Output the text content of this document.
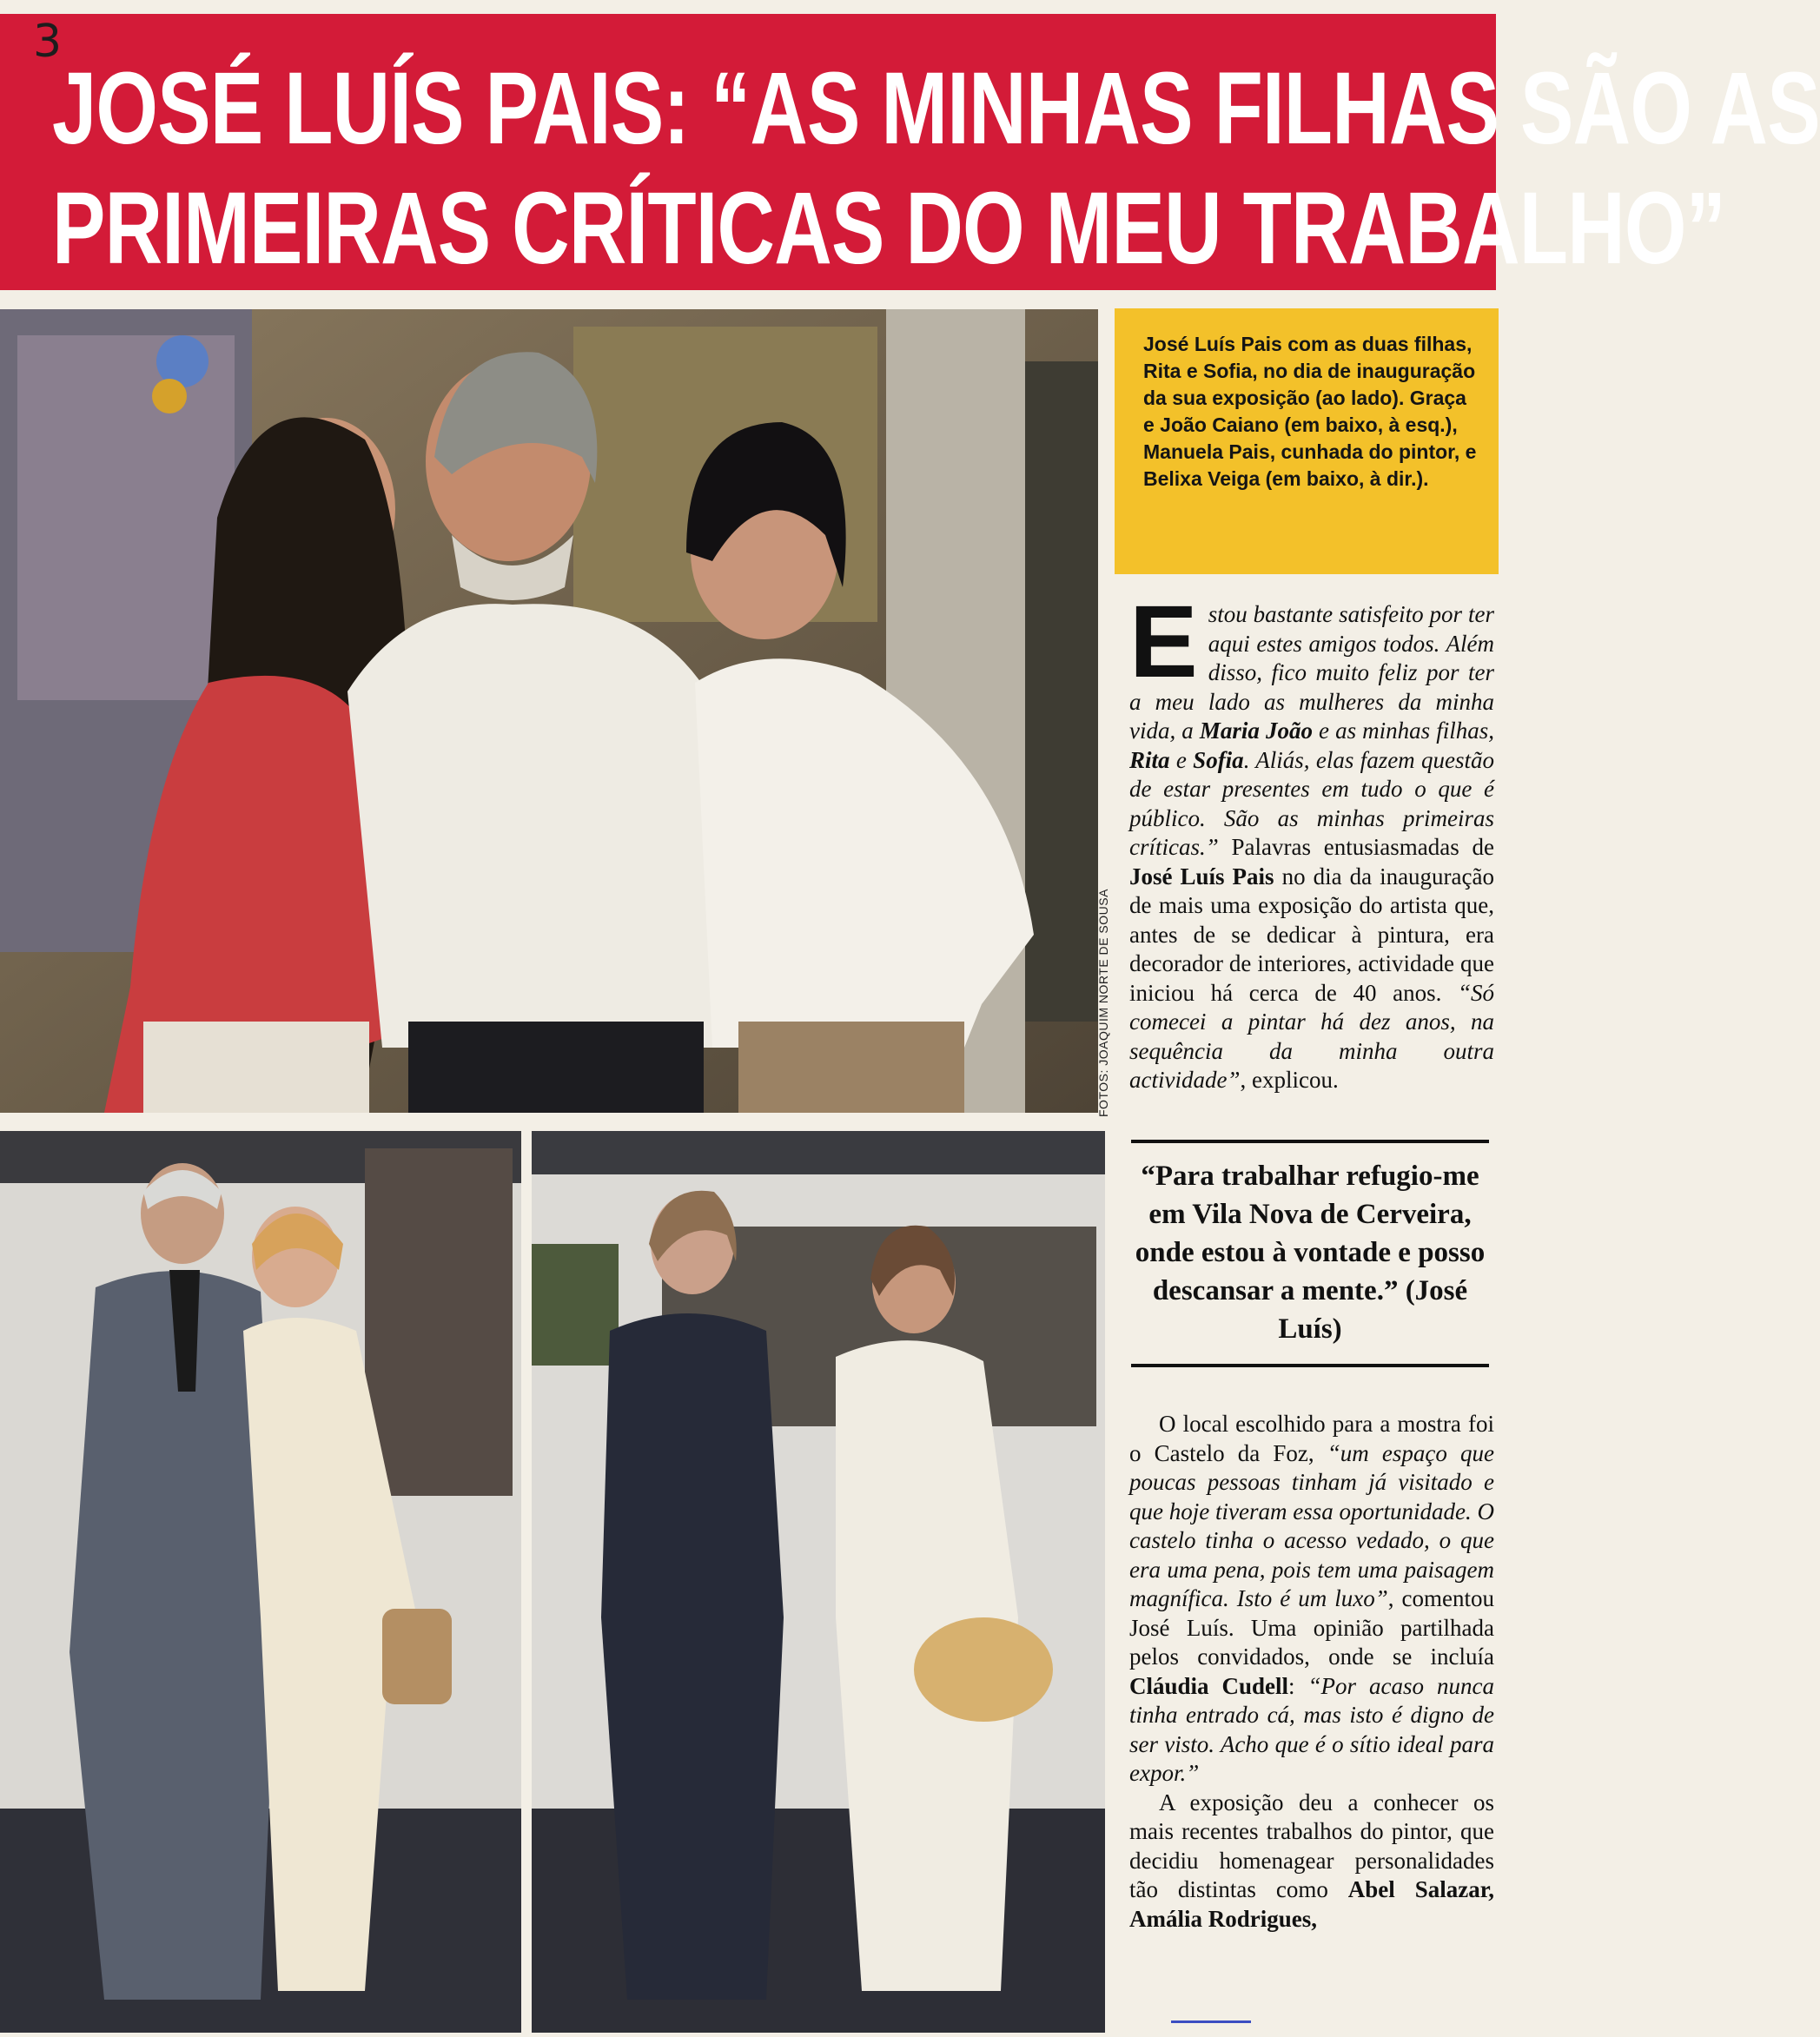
JOSÉ LUÍS PAIS: “AS MINHAS FILHAS SÃO AS
PRIMEIRAS CRÍTICAS DO MEU TRABALHO”
3
FOTOS: JOAQUIM NORTE DE SOUSA
José Luís Pais com as duas filhas, Rita e Sofia, no dia de inauguração da sua exposição (ao lado). Graça e João Caiano (em baixo, à esq.), Manuela Pais, cunhada do pintor, e Belixa Veiga (em baixo, à dir.).
Estou bastante satisfeito por ter aqui estes amigos todos. Além disso, fico muito feliz por ter a meu lado as mulheres da minha vida, a Maria João e as minhas filhas, Rita e Sofia. Aliás, elas fazem questão de estar presentes em tudo o que é público. São as minhas primeiras críticas.” Palavras entusiasmadas de José Luís Pais no dia da inauguração de mais uma exposição do artista que, antes de se dedicar à pintura, era decorador de interiores, actividade que iniciou há cerca de 40 anos. “Só comecei a pintar há dez anos, na sequência da minha outra actividade”, explicou.
“Para trabalhar refugio-me em Vila Nova de Cerveira, onde estou à vontade e posso descansar a mente.” (José Luís)
O local escolhido para a mostra foi o Castelo da Foz, “um espaço que poucas pessoas tinham já visitado e que hoje tiveram essa oportunidade. O castelo tinha o acesso vedado, o que era uma pena, pois tem uma paisagem magnífica. Isto é um luxo”, comentou José Luís. Uma opinião partilhada pelos convidados, onde se incluía Cláudia Cudell: “Por acaso nunca tinha entrado cá, mas isto é digno de ser visto. Acho que é o sítio ideal para expor.”
A exposição deu a conhecer os mais recentes trabalhos do pintor, que decidiu homenagear personalidades tão distintas como Abel Salazar, Amália Rodrigues,
